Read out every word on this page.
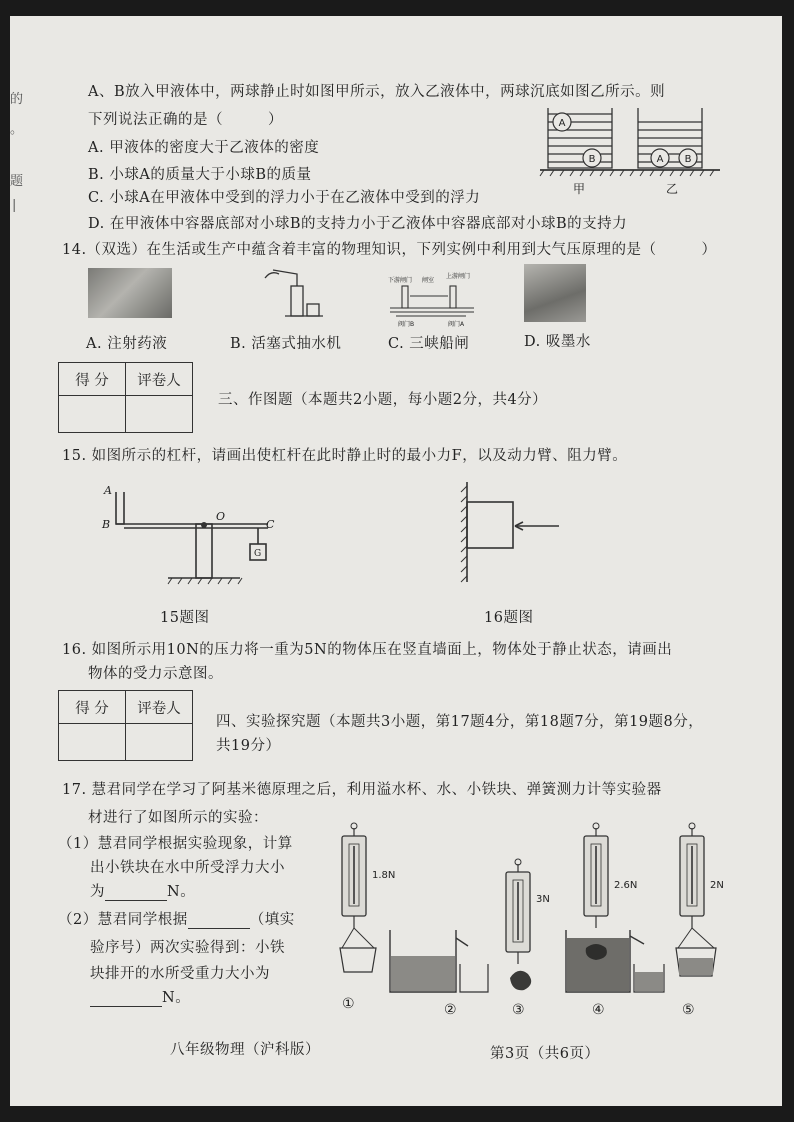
的
。
题
|
A、B放入甲液体中，两球静止时如图甲所示，放入乙液体中，两球沉底如图乙所示。则
下列说法正确的是（　　　）
A. 甲液体的密度大于乙液体的密度
B. 小球A的质量大于小球B的质量
C. 小球A在甲液体中受到的浮力小于在乙液体中受到的浮力
D. 在甲液体中容器底部对小球B的支持力小于乙液体中容器底部对小球B的支持力
A
B	A B
甲	乙
14.（双选）在生活或生产中蕴含着丰富的物理知识，下列实例中利用到大气压原理的是（　　　）
下游闸门 闸室
上游闸门
阀门B	阀门A
A. 注射药液	B. 活塞式抽水机	C. 三峡船闸	D. 吸墨水
得 分	评卷人

三、作图题（本题共2小题，每小题2分，共4分）
15. 如图所示的杠杆，请画出使杠杆在此时静止时的最小力F，以及动力臂、阻力臂。
A
B
O
C
G
15题图	16题图
16. 如图所示用10N的压力将一重为5N的物体压在竖直墙面上，物体处于静止状态，请画出
物体的受力示意图。
得 分	评卷人

四、实验探究题（本题共3小题，第17题4分，第18题7分，第19题8分，
共19分）
17. 慧君同学在学习了阿基米德原理之后，利用溢水杯、水、小铁块、弹簧测力计等实验器
材进行了如图所示的实验：
（1）慧君同学根据实验现象，计算
出小铁块在水中所受浮力大小
为	N。
（2）慧君同学根据	（填实
验序号）两次实验得到：小铁
块排开的水所受重力大小为
N。
1.8N
3N
2.6N	2N
①	②	③	④	⑤
八年级物理（沪科版）	第3页（共6页）
